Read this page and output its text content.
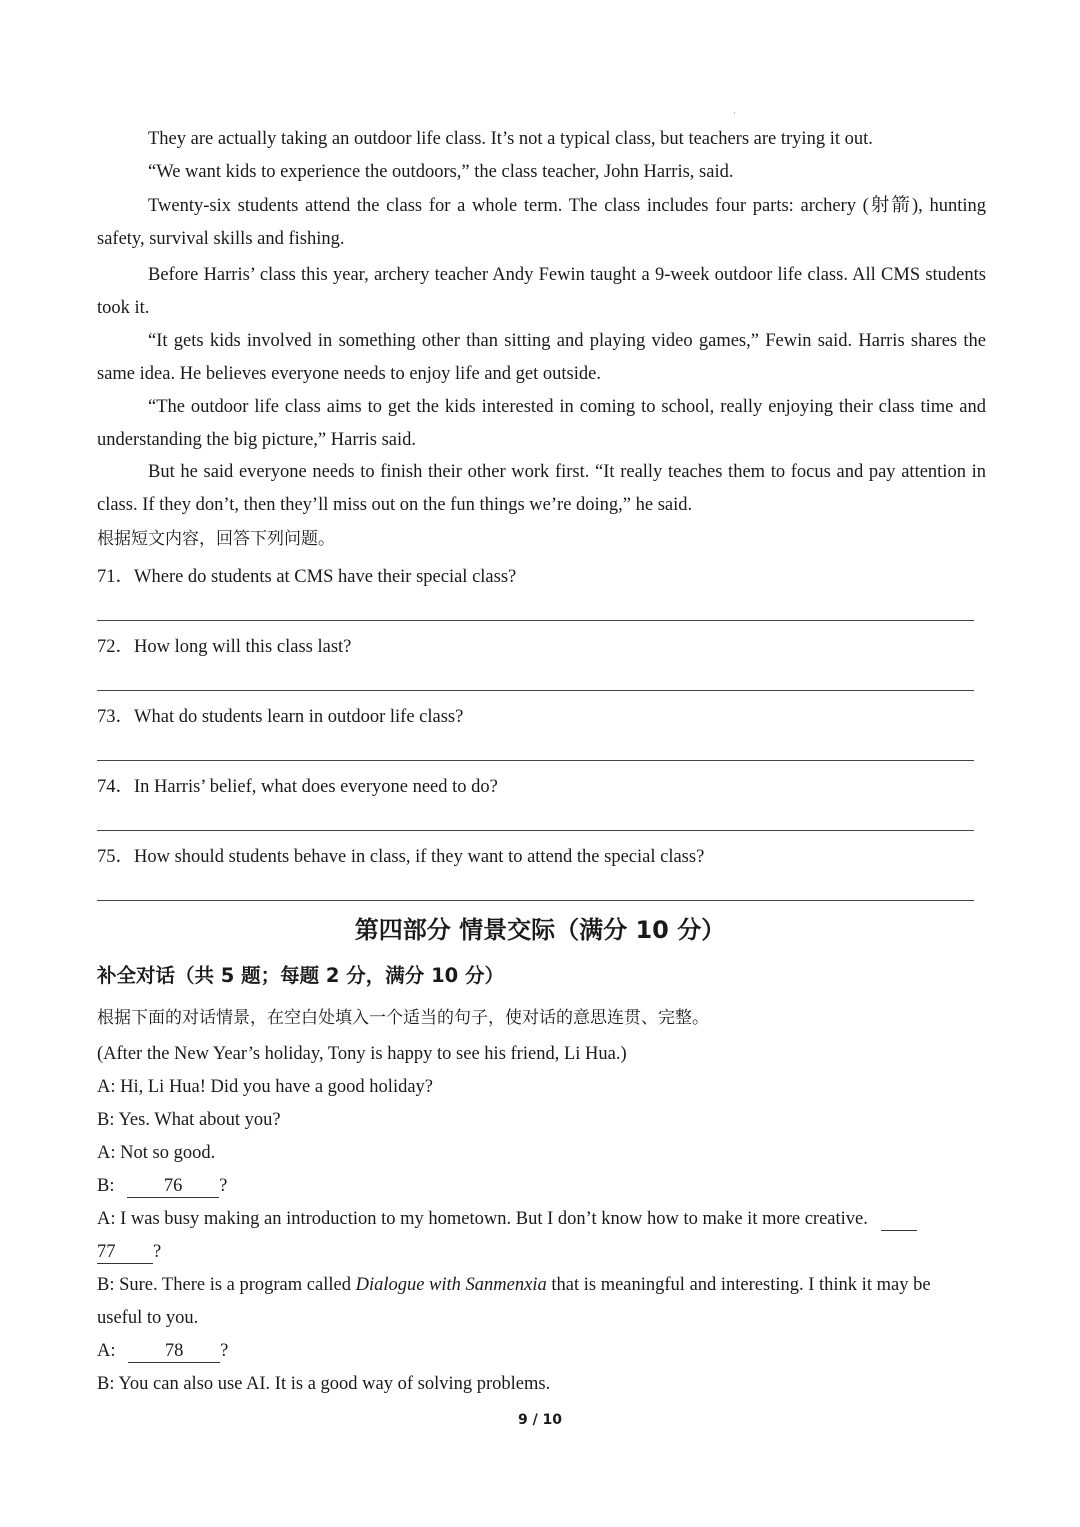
·
They are actually taking an outdoor life class. It’s not a typical class, but teachers are trying it out.
“We want kids to experience the outdoors,” the class teacher, John Harris, said.
Twenty-six students attend the class for a whole term. The class includes four parts: archery (射箭), hunting safety, survival skills and fishing.
Before Harris’ class this year, archery teacher Andy Fewin taught a 9-week outdoor life class. All CMS students took it.
“It gets kids involved in something other than sitting and playing video games,” Fewin said. Harris shares the same idea. He believes everyone needs to enjoy life and get outside.
“The outdoor life class aims to get the kids interested in coming to school, really enjoying their class time and understanding the big picture,” Harris said.
But he said everyone needs to finish their other work first. “It really teaches them to focus and pay attention in class. If they don’t, then they’ll miss out on the fun things we’re doing,” he said.
根据短文内容，回答下列问题。
71．Where do students at CMS have their special class?
72．How long will this class last?
73．What do students learn in outdoor life class?
74．In Harris’ belief, what does everyone need to do?
75．How should students behave in class, if they want to attend the special class?
第四部分 情景交际（满分 10 分）
补全对话（共 5 题；每题 2 分，满分 10 分）
根据下面的对话情景，在空白处填入一个适当的句子，使对话的意思连贯、完整。
(After the New Year’s holiday, Tony is happy to see his friend, Li Hua.)
A: Hi, Li Hua! Did you have a good holiday?
B: Yes. What about you?
A: Not so good.
B:	76 ?
A: I was busy making an introduction to my hometown. But I don’t know how to make it more creative.
77 ?
B: Sure. There is a program called Dialogue with Sanmenxia that is meaningful and interesting. I think it may be
useful to you.
A:	78 ?
B: You can also use AI. It is a good way of solving problems.
9 / 10
